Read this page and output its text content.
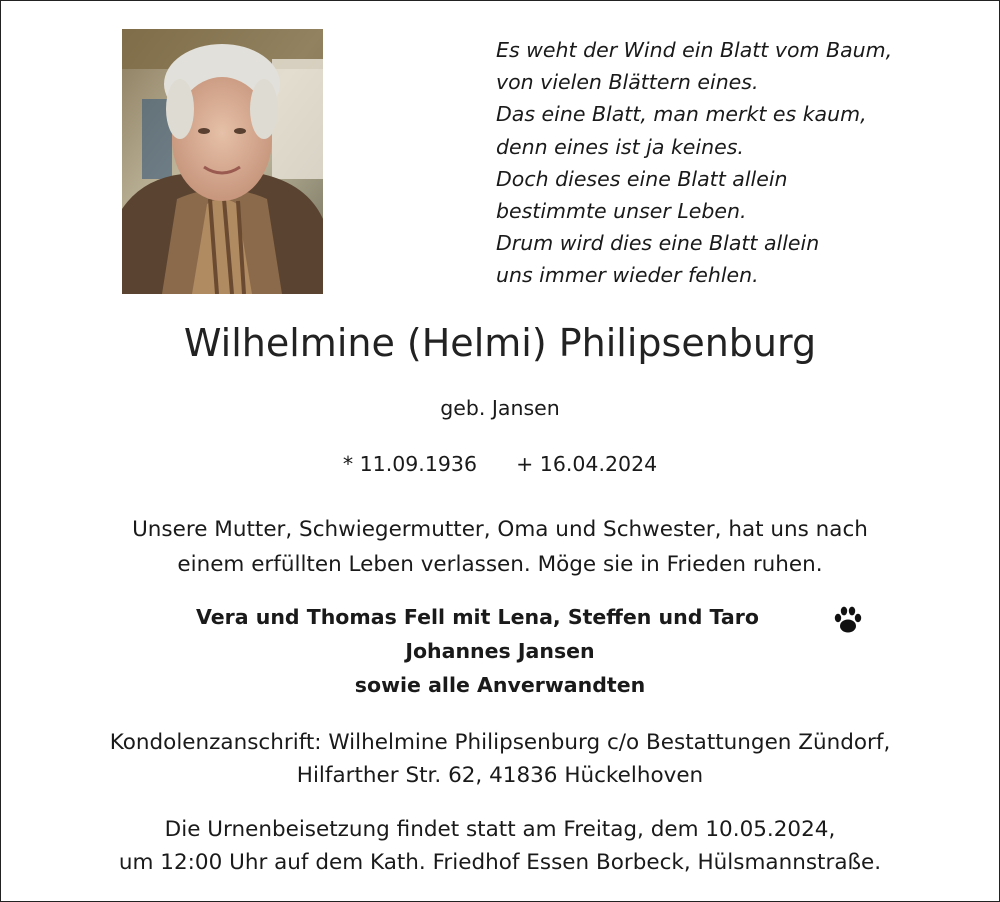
Es weht der Wind ein Blatt vom Baum,
von vielen Blättern eines.
Das eine Blatt, man merkt es kaum,
denn eines ist ja keines.
Doch dieses eine Blatt allein
bestimmte unser Leben.
Drum wird dies eine Blatt allein
uns immer wieder fehlen.
Wilhelmine (Helmi) Philipsenburg
geb. Jansen
* 11.09.1936      + 16.04.2024
Unsere Mutter, Schwiegermutter, Oma und Schwester, hat uns nach
einem erfüllten Leben verlassen. Möge sie in Frieden ruhen.
Vera und Thomas Fell mit Lena, Steffen und Taro
Johannes Jansen
sowie alle Anverwandten
Kondolenzanschrift: Wilhelmine Philipsenburg c/o Bestattungen Zündorf,
Hilfarther Str. 62, 41836 Hückelhoven
Die Urnenbeisetzung findet statt am Freitag, dem 10.05.2024,
um 12:00 Uhr auf dem Kath. Friedhof Essen Borbeck, Hülsmannstraße.
